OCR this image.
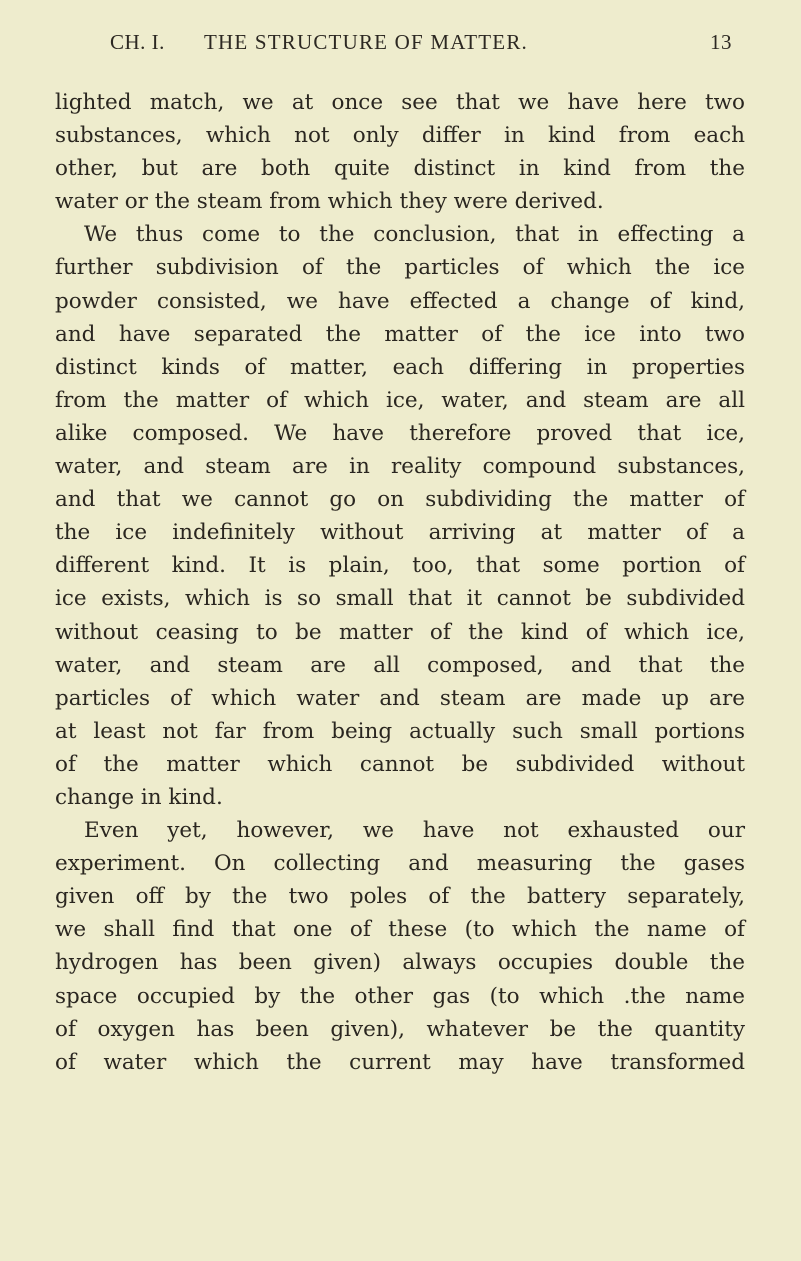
CH. I. THE STRUCTURE OF MATTER.	13
lighted match, we at once see that we have here two
substances, which not only differ in kind from each
other, but are both quite distinct in kind from the
water or the steam from which they were derived.
We thus come to the conclusion, that in effecting a
further subdivision of the particles of which the ice
powder consisted, we have effected a change of kind,
and have separated the matter of the ice into two
distinct kinds of matter, each differing in properties
from the matter of which ice, water, and steam are all
alike composed. We have therefore proved that ice,
water, and steam are in reality compound substances,
and that we cannot go on subdividing the matter of
the ice indefinitely without arriving at matter of a
different kind. It is plain, too, that some portion of
ice exists, which is so small that it cannot be subdivided
without ceasing to be matter of the kind of which ice,
water, and steam are all composed, and that the
particles of which water and steam are made up are
at least not far from being actually such small portions
of the matter which cannot be subdivided without
change in kind.
Even yet, however, we have not exhausted our
experiment. On collecting and measuring the gases
given off by the two poles of the battery separately,
we shall find that one of these (to which the name of
hydrogen has been given) always occupies double the
space occupied by the other gas (to which .the name
of oxygen has been given), whatever be the quantity
of water which the current may have transformed
